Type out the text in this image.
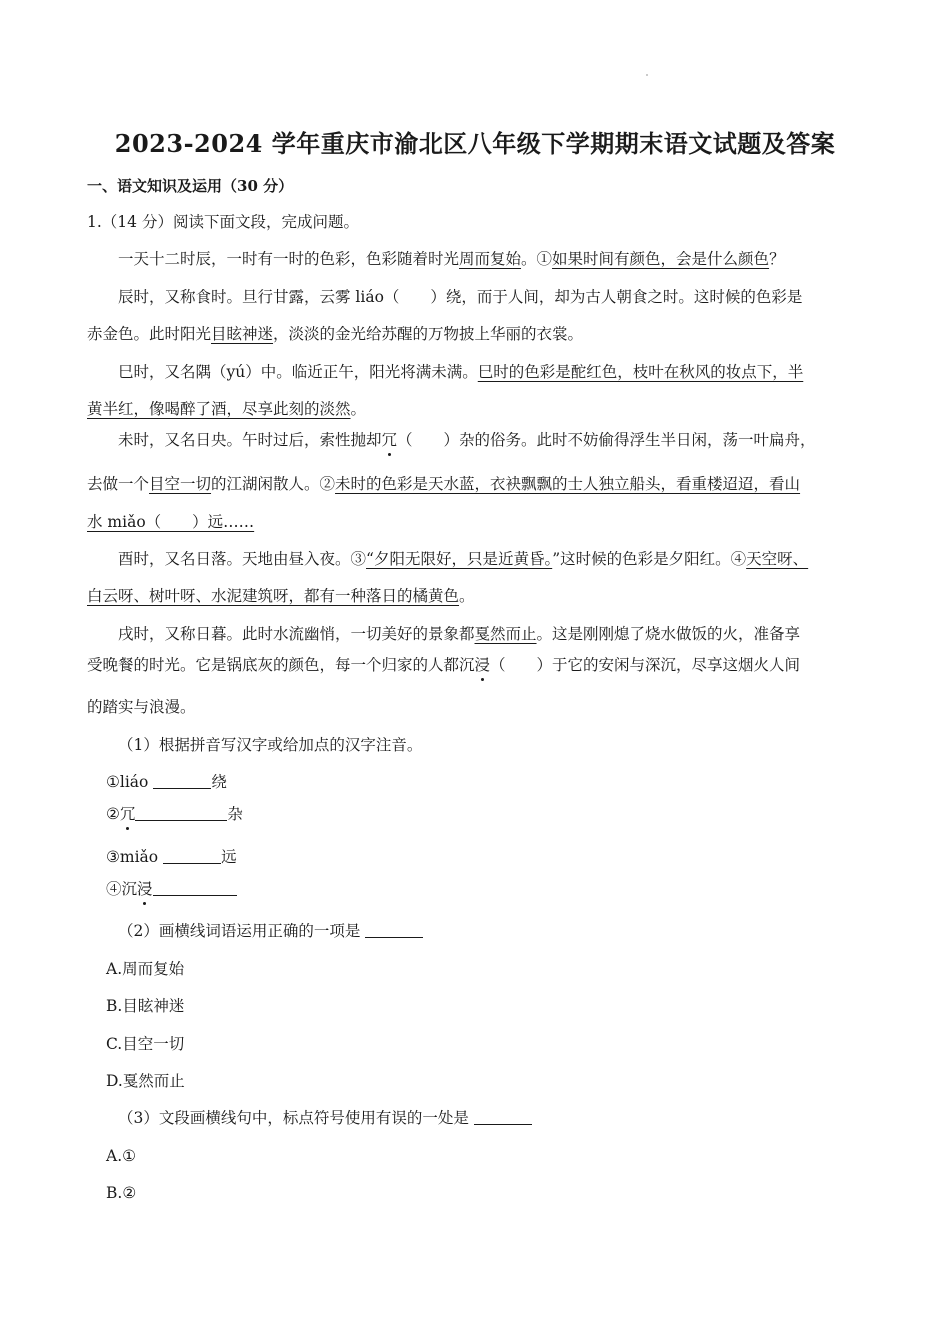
2023-2024 学年重庆市渝北区八年级下学期期末语文试题及答案
一、语文知识及运用（30 分）
1.（14 分）阅读下面文段，完成问题。
一天十二时辰，一时有一时的色彩，色彩随着时光周而复始。①如果时间有颜色，会是什么颜色？
辰时，又称食时。旦行甘露，云雾 liáo（　　）绕，而于人间，却为古人朝食之时。这时候的色彩是
赤金色。此时阳光目眩神迷，淡淡的金光给苏醒的万物披上华丽的衣裳。
巳时，又名隅（yú）中。临近正午，阳光将满未满。巳时的色彩是酡红色，枝叶在秋风的妆点下，半
黄半红，像喝醉了酒，尽享此刻的淡然。
未时，又名日央。午时过后，索性抛却冗（　　）杂的俗务。此时不妨偷得浮生半日闲，荡一叶扁舟，
去做一个目空一切的江湖闲散人。②未时的色彩是天水蓝，衣袂飘飘的士人独立船头，看重楼迢迢，看山
水 miǎo（　　）远……
酉时，又名日落。天地由昼入夜。③“夕阳无限好，只是近黄昏。”这时候的色彩是夕阳红。④天空呀、
白云呀、树叶呀、水泥建筑呀，都有一种落日的橘黄色。
戌时，又称日暮。此时水流幽悄，一切美好的景象都戛然而止。这是刚刚熄了烧水做饭的火，准备享
受晚餐的时光。它是锅底灰的颜色，每一个归家的人都沉浸（　　）于它的安闲与深沉，尽享这烟火人间
的踏实与浪漫。
（1）根据拼音写汉字或给加点的汉字注音。
①liáo	绕
②冗	杂
③miǎo	远
④沉浸
（2）画横线词语运用正确的一项是
A.周而复始
B.目眩神迷
C.目空一切
D.戛然而止
（3）文段画横线句中，标点符号使用有误的一处是
A.①
B.②
